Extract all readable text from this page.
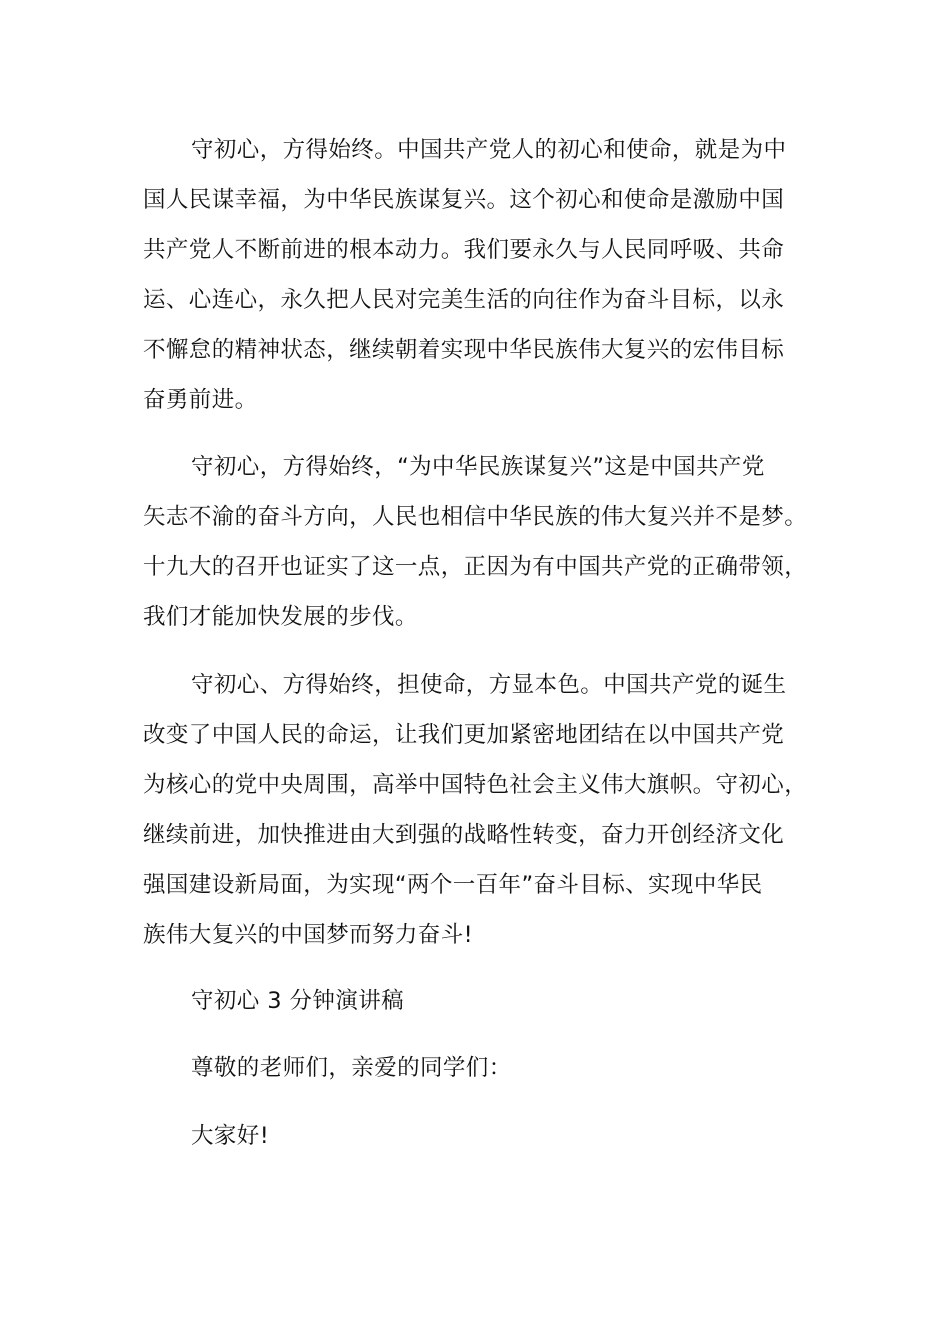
守初心，方得始终。中国共产党人的初心和使命，就是为中
国人民谋幸福，为中华民族谋复兴。这个初心和使命是激励中国
共产党人不断前进的根本动力。我们要永久与人民同呼吸、共命
运、心连心，永久把人民对完美生活的向往作为奋斗目标，以永
不懈怠的精神状态，继续朝着实现中华民族伟大复兴的宏伟目标
奋勇前进。
守初心，方得始终，“为中华民族谋复兴”这是中国共产党
矢志不渝的奋斗方向，人民也相信中华民族的伟大复兴并不是梦。
十九大的召开也证实了这一点，正因为有中国共产党的正确带领，
我们才能加快发展的步伐。
守初心、方得始终，担使命，方显本色。中国共产党的诞生
改变了中国人民的命运，让我们更加紧密地团结在以中国共产党
为核心的党中央周围，高举中国特色社会主义伟大旗帜。守初心，
继续前进，加快推进由大到强的战略性转变，奋力开创经济文化
强国建设新局面，为实现“两个一百年”奋斗目标、实现中华民
族伟大复兴的中国梦而努力奋斗!
守初心 3 分钟演讲稿
尊敬的老师们，亲爱的同学们：
大家好!
